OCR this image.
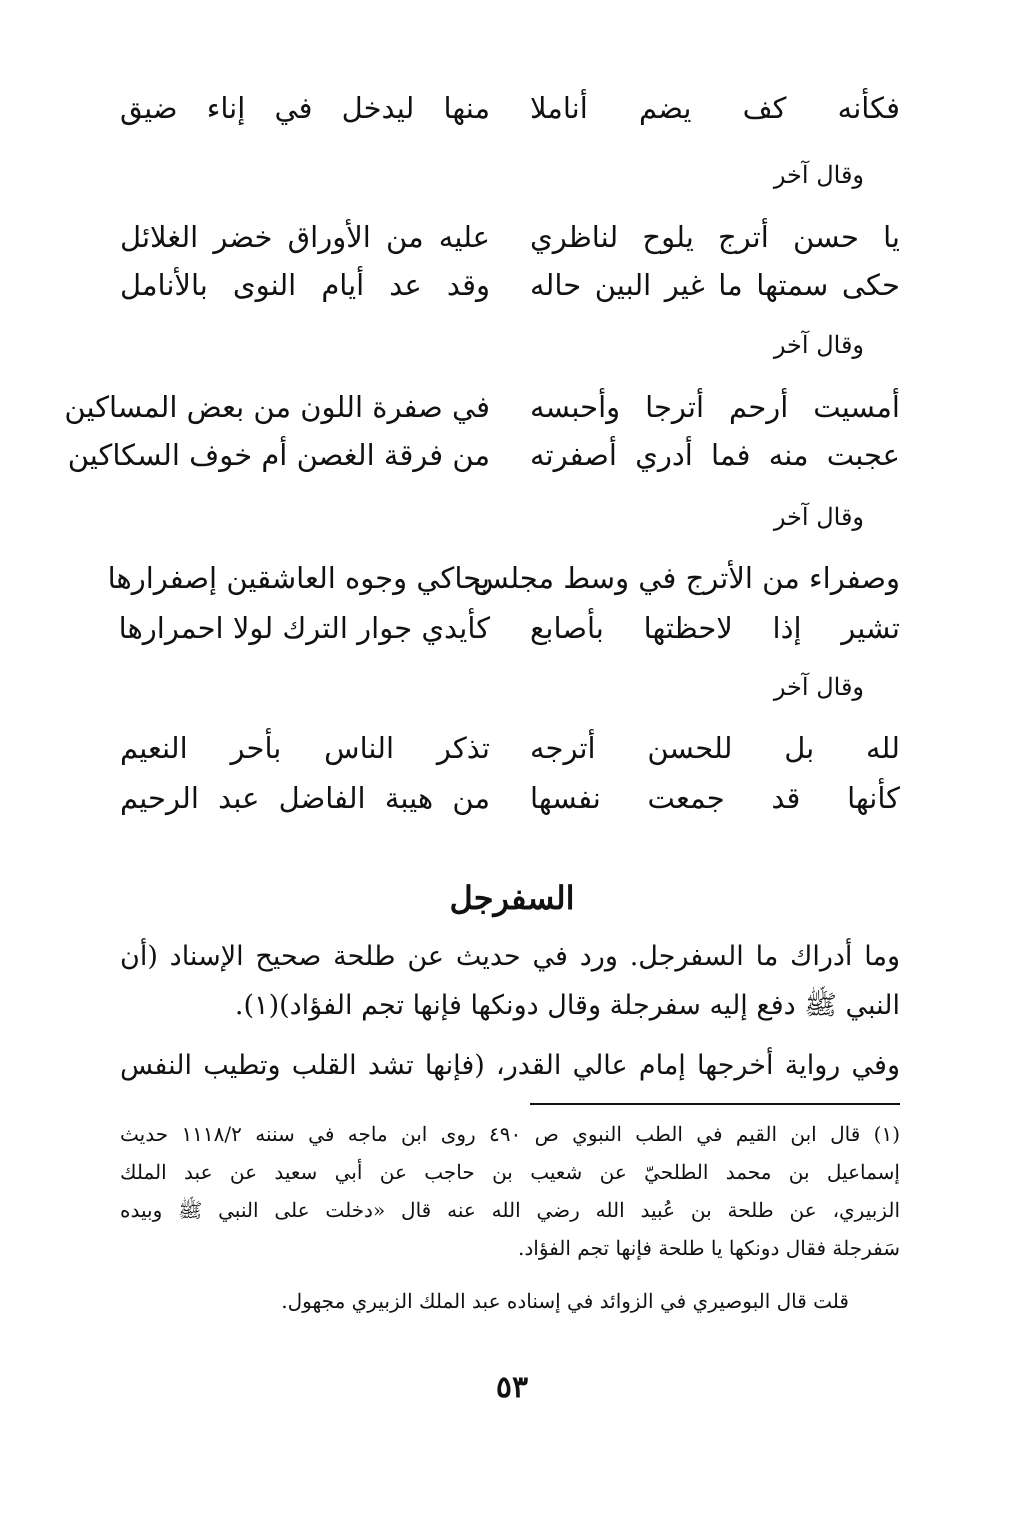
فكأنه كف يضم أناملا
منها ليدخل في إناء ضيق
وقال آخر
يا حسن أترج يلوح لناظري
عليه من الأوراق خضر الغلائل
حكى سمتها ما غير البين حاله
وقد عد أيام النوى بالأنامل
وقال آخر
أمسيت أرحم أترجا وأحبسه
في صفرة اللون من بعض المساكين
عجبت منه فما أدري أصفرته
من فرقة الغصن أم خوف السكاكين
وقال آخر
وصفراء من الأترج في وسط مجلس
يحاكي وجوه العاشقين إصفرارها
تشير إذا لاحظتها بأصابع
كأيدي جوار الترك لولا احمرارها
وقال آخر
لله بل للحسن أترجه
تذكر الناس بأحر النعيم
كأنها قد جمعت نفسها
من هيبة الفاضل عبد الرحيم
السفرجل
وما أدراك ما السفرجل. ورد في حديث عن طلحة صحيح الإسناد (أن
النبي ﷺ دفع إليه سفرجلة وقال دونكها فإنها تجم الفؤاد)(١).
وفي رواية أخرجها إمام عالي القدر، (فإنها تشد القلب وتطيب النفس
(١) قال ابن القيم في الطب النبوي ص ٤٩٠ روى ابن ماجه في سننه ١١١٨/٢ حديث
إسماعيل بن محمد الطلحيّ عن شعيب بن حاجب عن أبي سعيد عن عبد الملك
الزبيري، عن طلحة بن عُبيد الله رضي الله عنه قال «دخلت على النبي ﷺ وبيده
سَفرجلة فقال دونكها يا طلحة فإنها تجم الفؤاد.
قلت قال البوصيري في الزوائد في إسناده عبد الملك الزبيري مجهول.
٥٣
